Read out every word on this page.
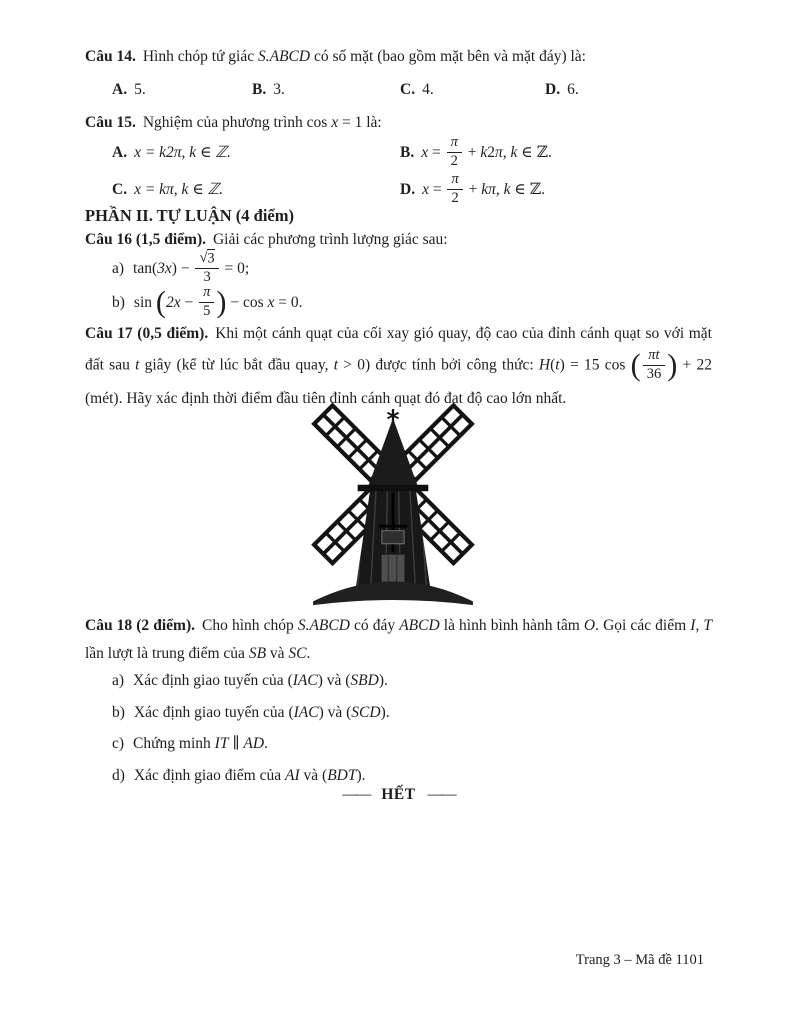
Câu 14. Hình chóp tứ giác S.ABCD có số mặt (bao gồm mặt bên và mặt đáy) là:
A. 5.	B. 3.	C. 4.	D. 6.
Câu 15. Nghiệm của phương trình cos x = 1 là:
A. x = k2π, k ∈ ℤ.	B. $x = \frac{\pi}{2} + k2\pi$, k ∈ ℤ.
C. x = kπ, k ∈ ℤ.	D. $x = \frac{\pi}{2} + k\pi$, k ∈ ℤ.
PHẦN II. TỰ LUẬN (4 điểm)
Câu 16 (1,5 điểm). Giải các phương trình lượng giác sau:
a) $\tan(3x) - \frac{√3}{3} = 0$;
b) $\sin (2x - \frac{\pi}{5}$ ) − cos x = 0.

Câu 17 (0,5 điểm). Khi một cánh quạt của cối xay gió quay, độ cao của đỉnh cánh quạt so với mặt đất sau t giây (kể từ lúc bắt đầu quay, t > 0) được tính bởi công thức: H(t) = 15 cos ( $\frac{\pi t}{36}$ ) + 22 (mét). Hãy xác định thời điểm đầu tiên đỉnh cánh quạt đó đạt độ cao lớn nhất.

Câu 18 (2 điểm). Cho hình chóp S.ABCD có đáy ABCD là hình bình hành tâm O. Gọi các điểm I, T lần lượt là trung điểm của SB và SC.

a) Xác định giao tuyến của (IAC) và (SBD).
b) Xác định giao tuyến của (IAC) và (SCD).
c) Chứng minh IT ∥ AD.
d) Xác định giao điểm của AI và (BDT).
—— HẾT ——
Trang 3 – Mã đề 1101
